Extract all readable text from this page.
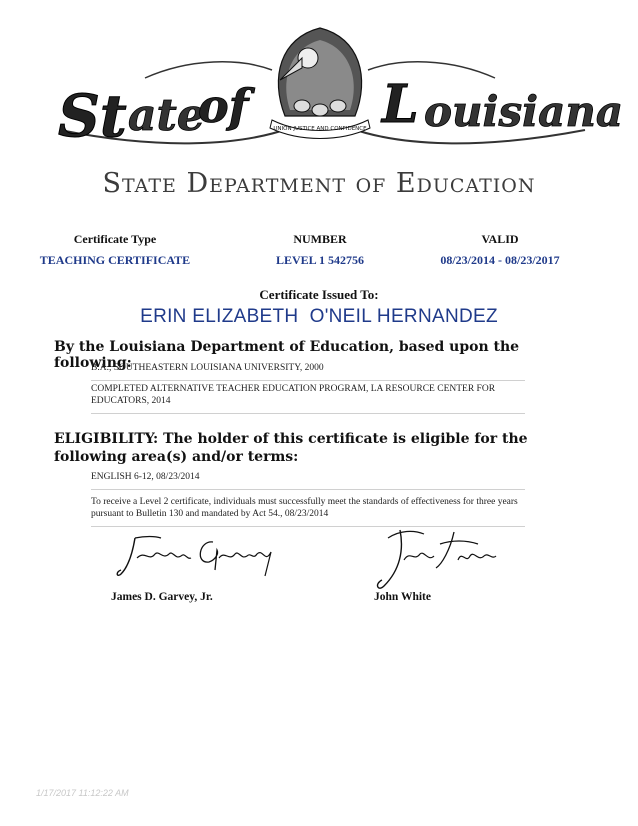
St ate
of	L ouisiana
UNION JUSTICE AND CONFIDENCE
State Department of Education
Certificate Type
TEACHING CERTIFICATE
NUMBER
LEVEL 1 542756
VALID
08/23/2014 - 08/23/2017
Certificate Issued To:
ERIN ELIZABETH  O'NEIL HERNANDEZ
By the Louisiana Department of Education, based upon the following:
B.A., SOUTHEASTERN LOUISIANA UNIVERSITY, 2000
COMPLETED ALTERNATIVE TEACHER EDUCATION PROGRAM, LA RESOURCE CENTER FOR EDUCATORS, 2014
ELIGIBILITY: The holder of this certificate is eligible for the following area(s) and/or terms:
ENGLISH 6-12, 08/23/2014
To receive a Level 2 certificate, individuals must successfully meet the standards of effectiveness for three years pursuant to Bulletin 130 and mandated by Act 54., 08/23/2014
James D. Garvey, Jr.	John White
1/17/2017 11:12:22 AM
